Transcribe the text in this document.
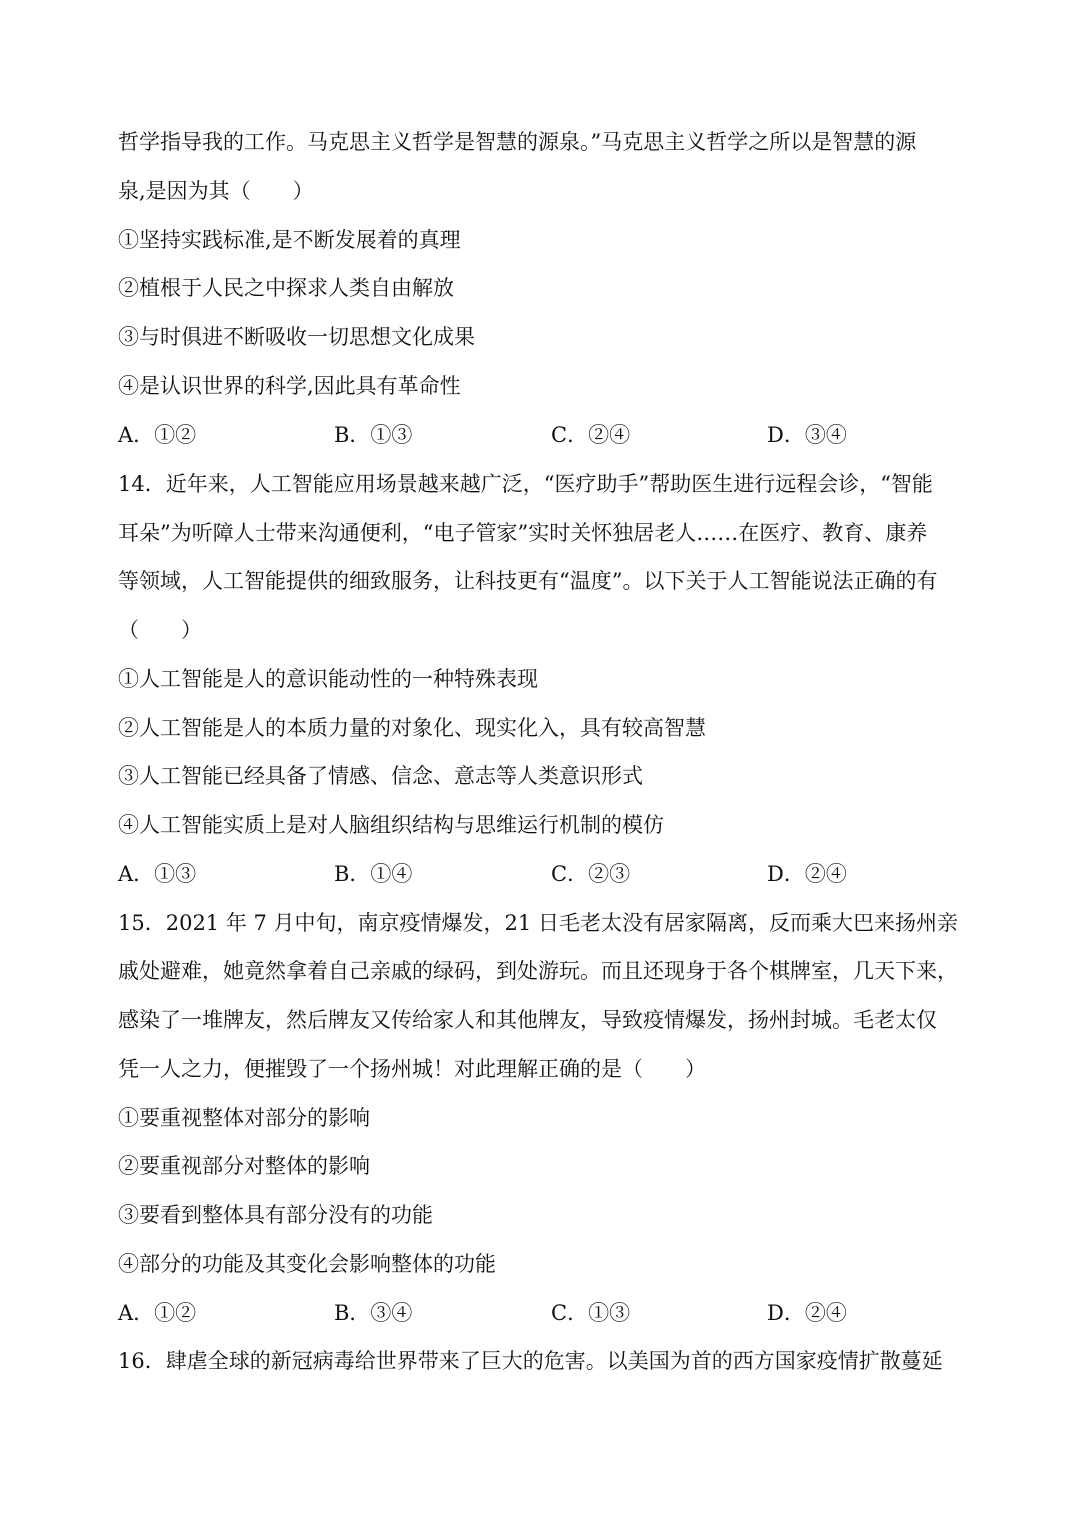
哲学指导我的工作。马克思主义哲学是智慧的源泉。”马克思主义哲学之所以是智慧的源
泉,是因为其（　　）
①坚持实践标准,是不断发展着的真理
②植根于人民之中探求人类自由解放
③与时俱进不断吸收一切思想文化成果
④是认识世界的科学,因此具有革命性
A．①②	B．①③	C．②④	D．③④
14．近年来，人工智能应用场景越来越广泛，“医疗助手”帮助医生进行远程会诊，“智能
耳朵”为听障人士带来沟通便利，“电子管家”实时关怀独居老人……在医疗、教育、康养
等领域，人工智能提供的细致服务，让科技更有“温度”。以下关于人工智能说法正确的有
（　　）
①人工智能是人的意识能动性的一种特殊表现
②人工智能是人的本质力量的对象化、现实化入，具有较高智慧
③人工智能已经具备了情感、信念、意志等人类意识形式
④人工智能实质上是对人脑组织结构与思维运行机制的模仿
A．①③	B．①④	C．②③	D．②④
15．2021 年 7 月中旬，南京疫情爆发，21 日毛老太没有居家隔离，反而乘大巴来扬州亲
戚处避难，她竟然拿着自己亲戚的绿码，到处游玩。而且还现身于各个棋牌室，几天下来，
感染了一堆牌友，然后牌友又传给家人和其他牌友，导致疫情爆发，扬州封城。毛老太仅
凭一人之力，便摧毁了一个扬州城！对此理解正确的是（　　）
①要重视整体对部分的影响
②要重视部分对整体的影响
③要看到整体具有部分没有的功能
④部分的功能及其变化会影响整体的功能
A．①②	B．③④	C．①③	D．②④
16．肆虐全球的新冠病毒给世界带来了巨大的危害。以美国为首的西方国家疫情扩散蔓延
